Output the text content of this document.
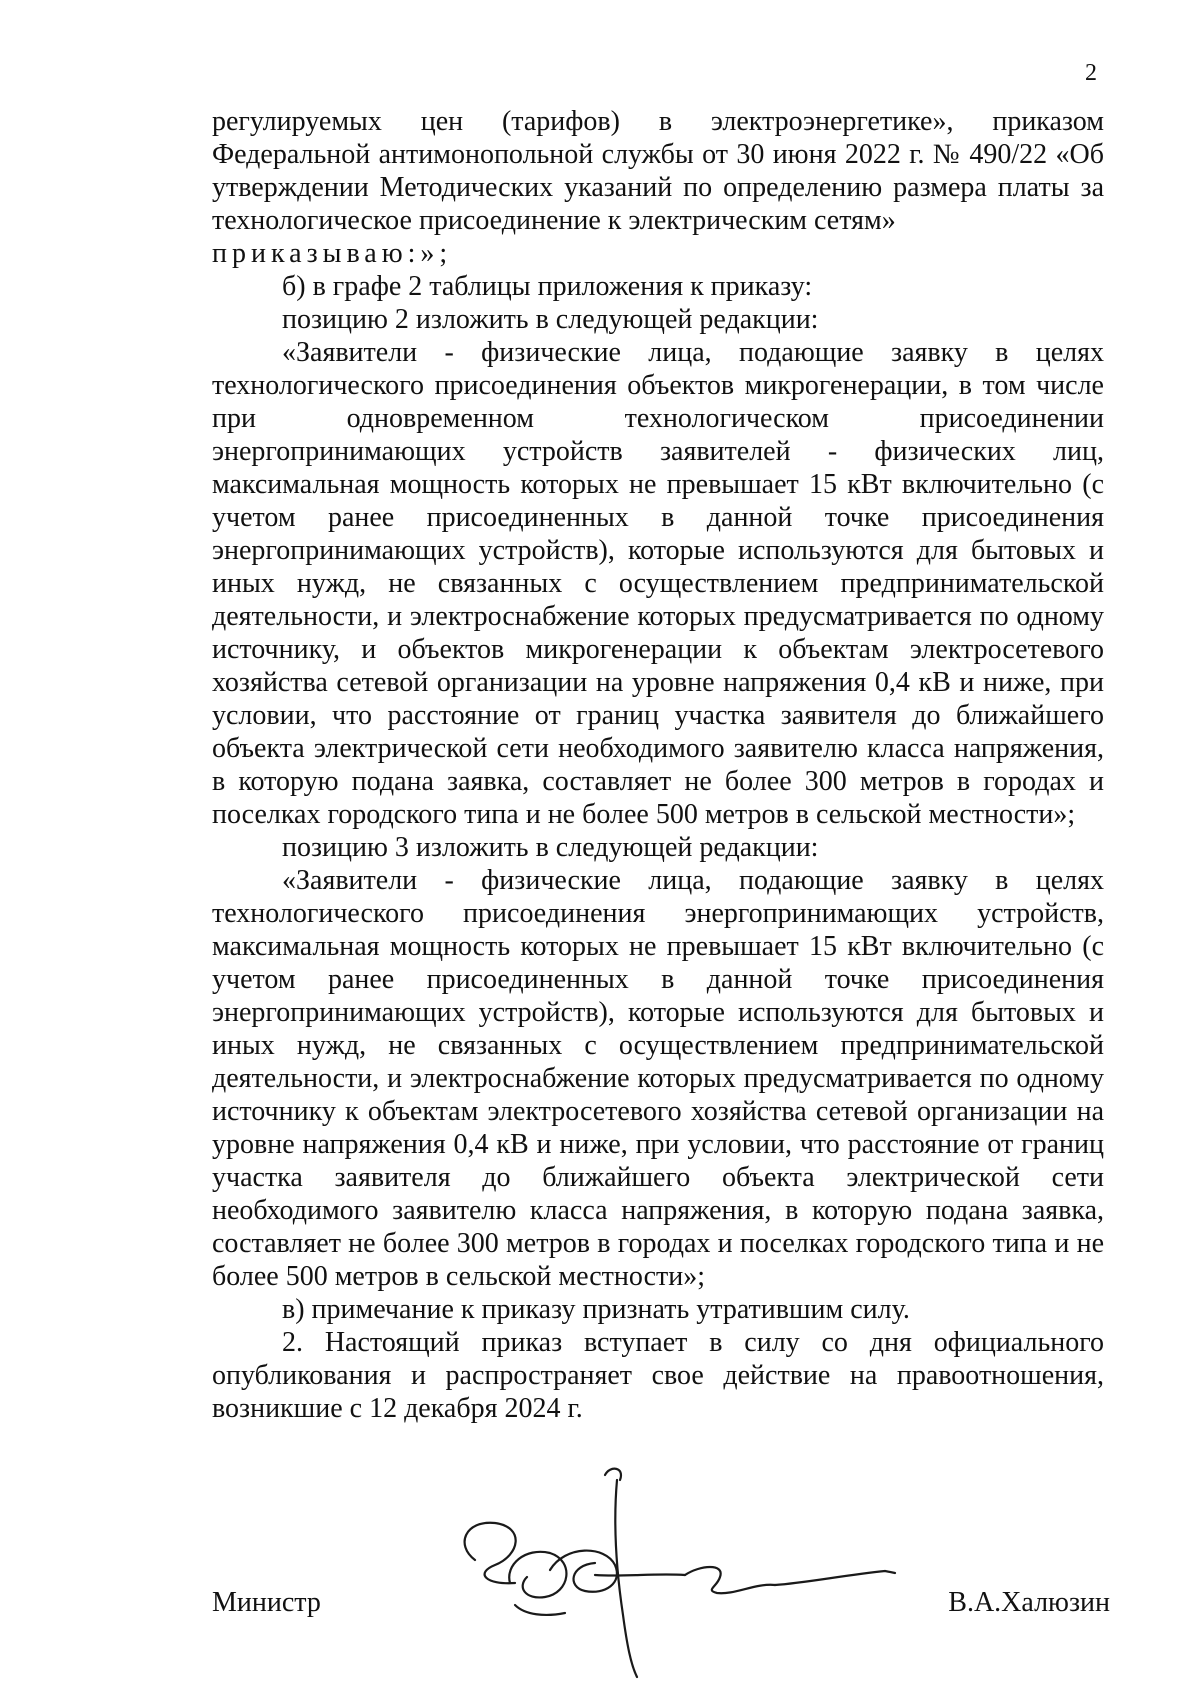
2

регулируемых цен (тарифов) в электроэнергетике», приказом Федеральной антимонопольной службы от 30 июня 2022 г. № 490/22 «Об утверждении Методических указаний по определению размера платы за технологическое присоединение к электрическим сетям»
приказываю:»;

б) в графе 2 таблицы приложения к приказу:

позицию 2 изложить в следующей редакции:

«Заявители - физические лица, подающие заявку в целях технологического присоединения объектов микрогенерации, в том числе при одновременном технологическом присоединении энергопринимающих устройств заявителей - физических лиц, максимальная мощность которых не превышает 15 кВт включительно (с учетом ранее присоединенных в данной точке присоединения энергопринимающих устройств), которые используются для бытовых и иных нужд, не связанных с осуществлением предпринимательской деятельности, и электроснабжение которых предусматривается по одному источнику, и объектов микрогенерации к объектам электросетевого хозяйства сетевой организации на уровне напряжения 0,4 кВ и ниже, при условии, что расстояние от границ участка заявителя до ближайшего объекта электрической сети необходимого заявителю класса напряжения, в которую подана заявка, составляет не более 300 метров в городах и поселках городского типа и не более 500 метров в сельской местности»;

позицию 3 изложить в следующей редакции:

«Заявители - физические лица, подающие заявку в целях технологического присоединения энергопринимающих устройств, максимальная мощность которых не превышает 15 кВт включительно (с учетом ранее присоединенных в данной точке присоединения энергопринимающих устройств), которые используются для бытовых и иных нужд, не связанных с осуществлением предпринимательской деятельности, и электроснабжение которых предусматривается по одному источнику к объектам электросетевого хозяйства сетевой организации на уровне напряжения 0,4 кВ и ниже, при условии, что расстояние от границ участка заявителя до ближайшего объекта электрической сети необходимого заявителю класса напряжения, в которую подана заявка, составляет не более 300 метров в городах и поселках городского типа и не более 500 метров в сельской местности»;

в) примечание к приказу признать утратившим силу.

2. Настоящий приказ вступает в силу со дня официального опубликования и распространяет свое действие на правоотношения, возникшие с 12 декабря 2024 г.

Министр	В.А.Халюзин
